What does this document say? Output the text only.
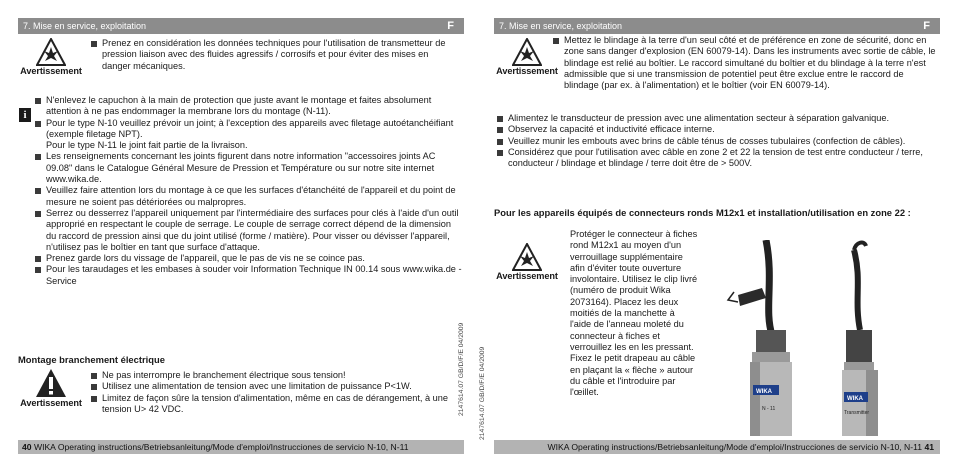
7. Mise en service, exploitation	F
Avertissement
Prenez en considération les données techniques pour l'utilisation de transmetteur de pression liaison avec des fluides agressifs / corrosifs et pour éviter des mises en danger mécaniques.
i
N'enlevez le capuchon à la main de protection que juste avant le montage et faites absolument attention à ne pas endommager la membrane lors du montage (N-11).
Pour le type N-10 veuillez prévoir un joint; à l'exception des appareils avec filetage autoétanchéifiant (exemple filetage NPT).
Pour le type N-11 le joint fait partie de la livraison.
Les renseignements concernant les joints figurent dans notre information "accessoires joints AC 09.08" dans le Catalogue Général Mesure de Pression et Température ou sur notre site internet www.wika.de.
Veuillez faire attention lors du montage à ce que les surfaces d'étanchéité de l'appareil et du point de mesure ne soient pas détériorées ou malpropres.
Serrez ou desserrez l'appareil uniquement par l'intermédiaire des surfaces pour clés à l'aide d'un outil approprié en respectant le couple de serrage. Le couple de serrage correct dépend de la dimension du raccord de pression ainsi que du joint utilisé (forme / matière). Pour visser ou dévisser l'appareil, n'utilisez pas le boîtier en tant que surface d'attaque.
Prenez garde lors du vissage de l'appareil, que le pas de vis ne se coince pas.
Pour les taraudages et les embases à souder voir Information Technique IN 00.14 sous www.wika.de -Service
Montage branchement électrique
Avertissement
Ne pas interrompre le branchement électrique sous tension!
Utilisez une alimentation de tension avec une limitation de puissance P<1W.
Limitez de façon sûre la tension d'alimentation, même en cas de dérangement, à une tension U> 42 VDC.
40 WIKA Operating instructions/Betriebsanleitung/Mode d'emploi/Instrucciones de servicio N-10, N-11
2147614.07 GB/D/F/E 04/2009 2147614.07 GB/D/F/E 04/2009
7. Mise en service, exploitation	F
Avertissement
Mettez le blindage à la terre d'un seul côté et de préférence en zone de sécurité, donc en zone sans danger d'explosion (EN 60079-14). Dans les instruments avec sortie de câble, le blindage est relié au boîtier. Le raccord simultané du boîtier et du blindage à la terre n'est admissible que si une transmission de potentiel peut être exclue entre le raccord de blindage (par ex. à l'alimentation) et le boîtier (voir EN 60079-14).
Alimentez le transducteur de pression avec une alimentation secteur à séparation galvanique.
Observez la capacité et inductivité efficace interne.
Veuillez munir les embouts avec brins de câble ténus de cosses tubulaires (confection de câbles).
Considérez que pour l'utilisation avec câble en zone 2 et 22 la tension de test entre conducteur / terre, conducteur / blindage et blindage / terre doit être de > 500V.
Pour les appareils équipés de connecteurs ronds M12x1 et installation/utilisation en zone 22 :
Avertissement
Protéger le connecteur à fiches rond M12x1 au moyen d'un verrouillage supplémentaire afin d'éviter toute ouverture involontaire. Utilisez le clip livré (numéro de produit Wika 2073164). Placez les deux moitiés de la manchette à l'aide de l'anneau moleté du connecteur à fiches et verrouillez les en les pressant. Fixez le petit drapeau au câble en plaçant la « flèche » autour du câble et l'introduire par l'œillet.	WIKA
N - 11
WIKA
Transmitter
WIKA Operating instructions/Betriebsanleitung/Mode d'emploi/Instrucciones de servicio N-10, N-11 41
